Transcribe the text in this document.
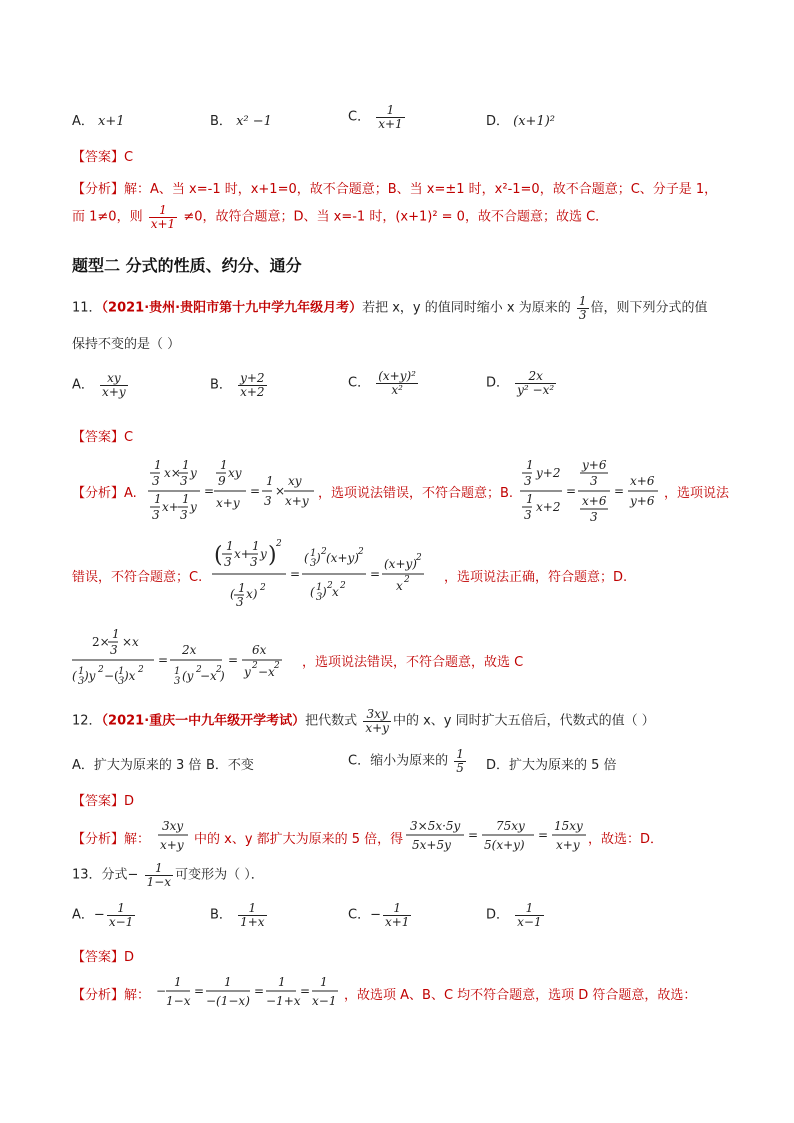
A． x+1	B． x² −1	C． $\frac{1}{x+1}$	D． (x+1)²
【答案】C
【分析】解：A、当 x=-1 时，x+1=0，故不合题意；B、当 x=±1 时，x²-1=0，故不合题意；C、分子是 1，
而 1≠0，则 $\frac{1}{x+1} \ne 0$，故符合题意；D、当 x=-1 时，(x+1)² = 0，故不合题意；故选 C．
题型二 分式的性质、约分、通分
11．（2021·贵州·贵阳市第十九中学九年级月考）若把 x，y 的值同时缩小 x 为原来的 $\frac{1}{3}$ 倍，则下列分式的值
保持不变的是（ ）
A． $\frac{xy}{x+y}$	B． $\frac{y+2}{x+2}$	C． $\frac{\text{(x+y)²}}{\text{x²}}$	D． $\frac{2x}{\text{y² −x²}}$
【答案】C
【分析】A.
1
3
x×
1
3
y
1
3
x+
1
3
y
=
1
9
xy
x+y
=
1
3
×
xy
x+y ，选项说法错误，不符合题意；B.
1
3
y+2
1
3
x+2
=
y+6
3
x+6
3
=
x+6
y+6 ，选项说法
错误，不符合题意；C.
( 1
3
x+
1
3
y ) 2
( 1
3
x) 2
=
( 1
3 ) 2 (x+y) 2
( 1
3 ) 2 x 2
=
(x+y) 2
x 2	，选项说法正确，符合题意；D.
2×
1
3
× x
( 1
3 )y 2 −( 1
3 )x 2
=
2x
1
3 (y 2
−x 2
)
=
6x
y 2 −x 2 ，选项说法错误，不符合题意，故选 C
12．（2021·重庆一中九年级开学考试）把代数式 $\frac{3xy}{x+y}$ 中的 x、y 同时扩大五倍后，代数式的值（ ）
A．扩大为原来的 3 倍 B．不变	C．缩小为原来的 $\frac{1}{5}$ D．扩大为原来的 5 倍
【答案】D
【分析】解：
3xy
x+y 中的 x、y 都扩大为原来的 5 倍，得
3×5x·5y
5x+5y
=
75xy
5(x+y)
=
15xy
x+y ，故选：D．
13．分式− $\frac{1}{1-x}$ 可变形为（ ）．
A．− $\frac{1}{x-1}$	B． $\frac{1}{1+x}$	C．− $\frac{1}{x+1}$	D． $\frac{1}{x-1}$
【答案】D
【分析】解： −
1
1−x
=
1
−(1−x)
=
1
−1+x
=
1
x−1 ，故选项 A、B、C 均不符合题意，选项 D 符合题意，故选：
